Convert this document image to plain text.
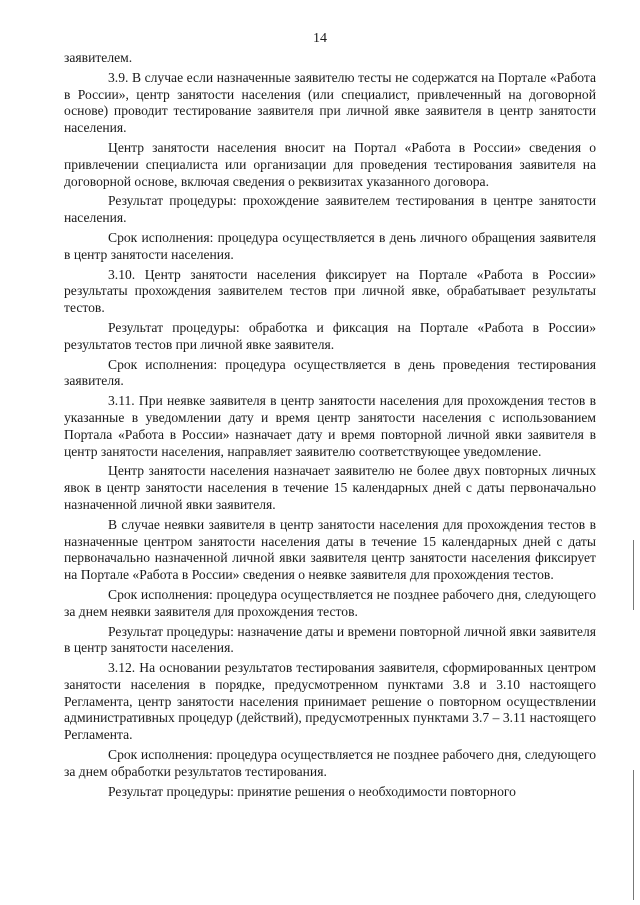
14

заявителем.

3.9. В случае если назначенные заявителю тесты не содержатся на Портале «Работа в России», центр занятости населения (или специалист, привлеченный на договорной основе) проводит тестирование заявителя при личной явке заявителя в центр занятости населения.

Центр занятости населения вносит на Портал «Работа в России» сведения о привлечении специалиста или организации для проведения тестирования заявителя на договорной основе, включая сведения о реквизитах указанного договора.

Результат процедуры: прохождение заявителем тестирования в центре занятости населения.

Срок исполнения: процедура осуществляется в день личного обращения заявителя в центр занятости населения.

3.10. Центр занятости населения фиксирует на Портале «Работа в России» результаты прохождения заявителем тестов при личной явке, обрабатывает результаты тестов.

Результат процедуры: обработка и фиксация на Портале «Работа в России» результатов тестов при личной явке заявителя.

Срок исполнения: процедура осуществляется в день проведения тестирования заявителя.

3.11. При неявке заявителя в центр занятости населения для прохождения тестов в указанные в уведомлении дату и время центр занятости населения с использованием Портала «Работа в России» назначает дату и время повторной личной явки заявителя в центр занятости населения, направляет заявителю соответствующее уведомление.

Центр занятости населения назначает заявителю не более двух повторных личных явок в центр занятости населения в течение 15 календарных дней с даты первоначально назначенной личной явки заявителя.

В случае неявки заявителя в центр занятости населения для прохождения тестов в назначенные центром занятости населения даты в течение 15 календарных дней с даты первоначально назначенной личной явки заявителя центр занятости населения фиксирует на Портале «Работа в России» сведения о неявке заявителя для прохождения тестов.

Срок исполнения: процедура осуществляется не позднее рабочего дня, следующего за днем неявки заявителя для прохождения тестов.

Результат процедуры: назначение даты и времени повторной личной явки заявителя в центр занятости населения.

3.12. На основании результатов тестирования заявителя, сформированных центром занятости населения в порядке, предусмотренном пунктами 3.8 и 3.10 настоящего Регламента, центр занятости населения принимает решение о повторном осуществлении административных процедур (действий), предусмотренных пунктами 3.7 – 3.11 настоящего Регламента.

Срок исполнения: процедура осуществляется не позднее рабочего дня, следующего за днем обработки результатов тестирования.

Результат процедуры: принятие решения о необходимости повторного
